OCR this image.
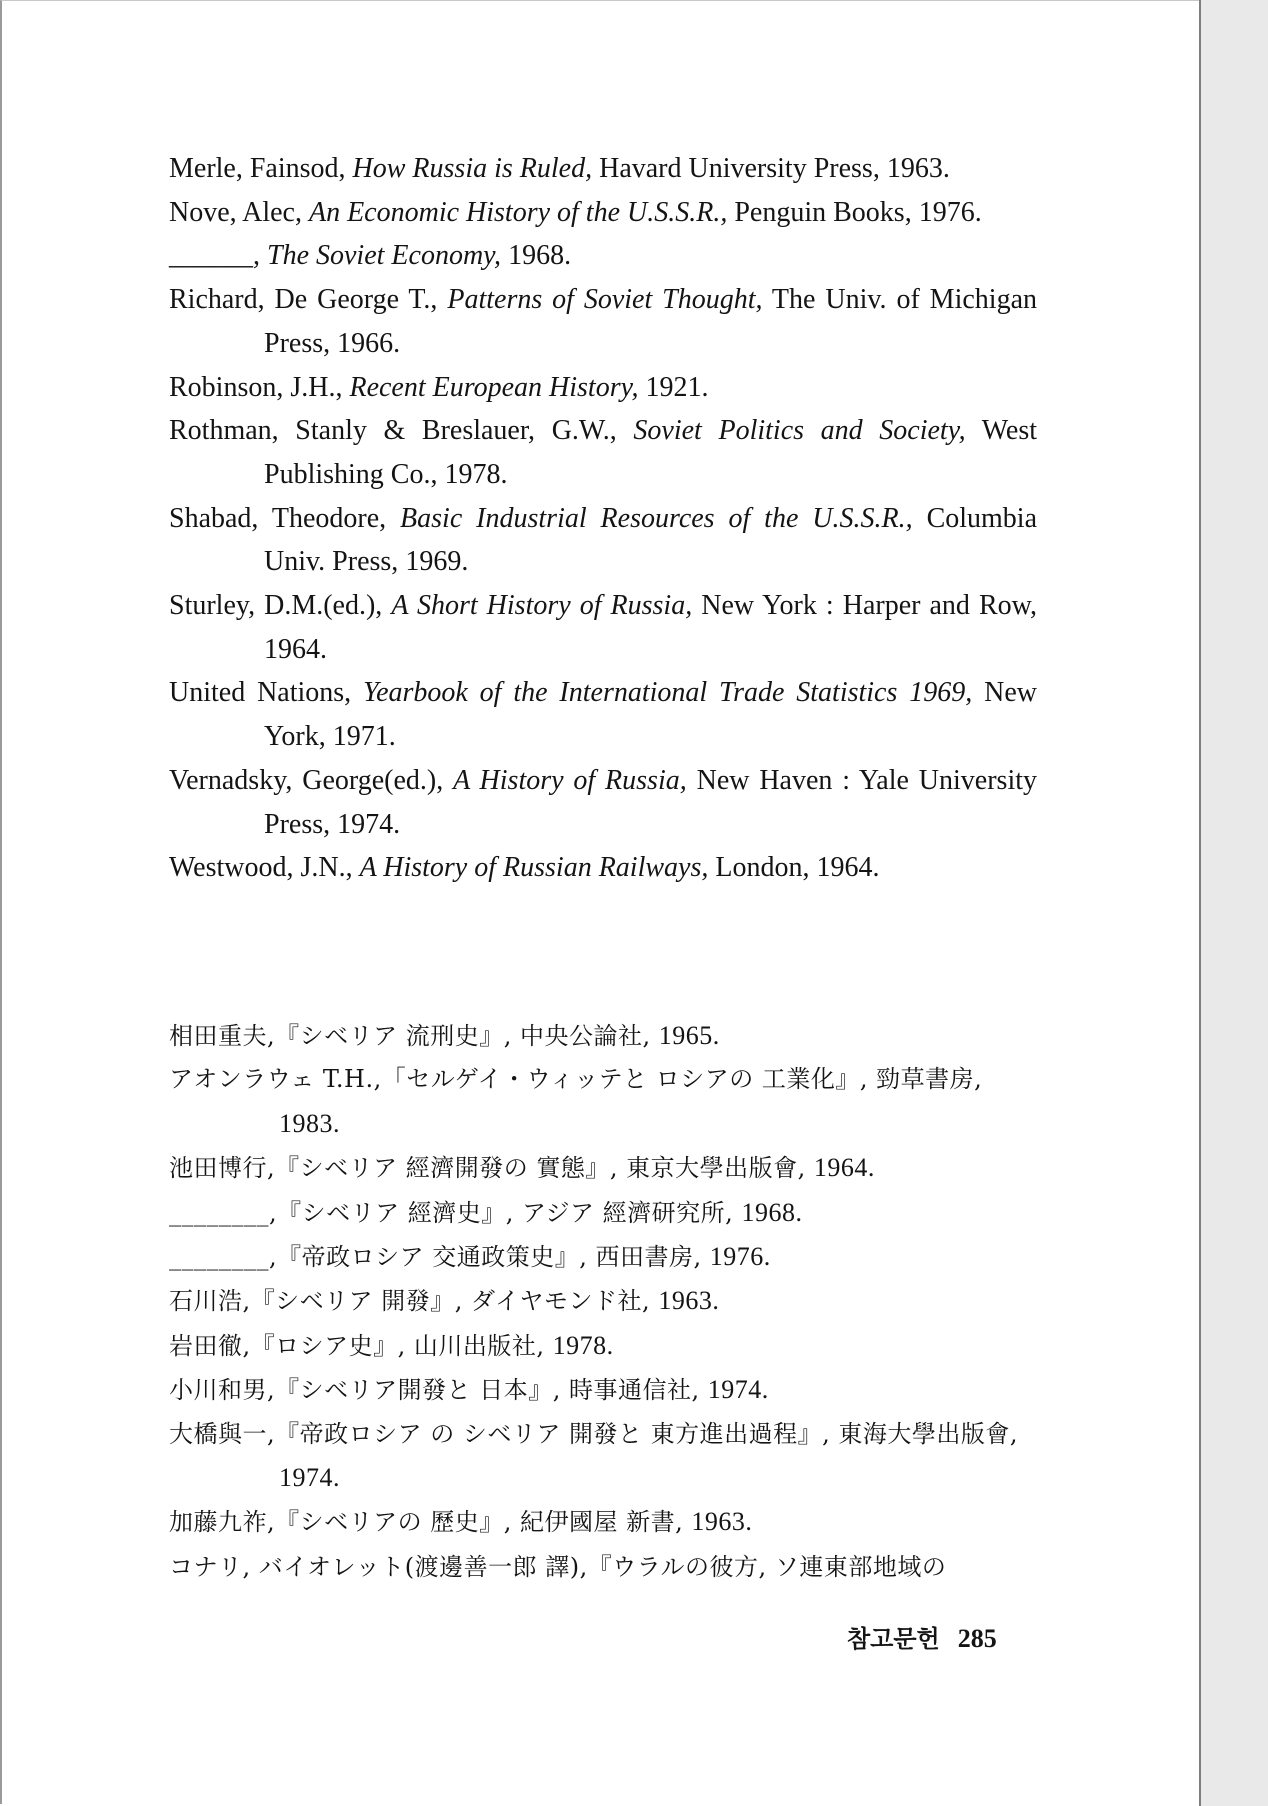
Merle, Fainsod, How Russia is Ruled, Havard University Press, 1963.
Nove, Alec, An Economic History of the U.S.S.R., Penguin Books, 1976.
______, The Soviet Economy, 1968.
Richard, De George T., Patterns of Soviet Thought, The Univ. of Michigan Press, 1966.
Robinson, J.H., Recent European History, 1921.
Rothman, Stanly & Breslauer, G.W., Soviet Politics and Society, West Publishing Co., 1978.
Shabad, Theodore, Basic Industrial Resources of the U.S.S.R., Columbia Univ. Press, 1969.
Sturley, D.M.(ed.), A Short History of Russia, New York : Harper and Row, 1964.
United Nations, Yearbook of the International Trade Statistics 1969, New York, 1971.
Vernadsky, George(ed.), A History of Russia, New Haven : Yale University Press, 1974.
Westwood, J.N., A History of Russian Railways, London, 1964.
相田重夫,『シベリア 流刑史』, 中央公論社, 1965.
アオンラウェ T.H.,「セルゲイ・ウィッテと ロシアの 工業化』, 勁草書房, 1983.
池田博行,『シベリア 經濟開發の 實態』, 東京大學出版會, 1964.
________,『シベリア 經濟史』, アジア 經濟研究所, 1968.
________,『帝政ロシア 交通政策史』, 西田書房, 1976.
石川浩,『シベリア 開發』, ダイヤモンド社, 1963.
岩田徹,『ロシア史』, 山川出版社, 1978.
小川和男,『シベリア開發と 日本』, 時事通信社, 1974.
大橋與一,『帝政ロシア の シベリア 開發と 東方進出過程』, 東海大學出版會, 1974.
加藤九祚,『シベリアの 歷史』, 紀伊國屋 新書, 1963.
コナリ, バイオレット(渡邊善一郎 譯),『ウラルの彼方, ソ連東部地域の
참고문헌 285
